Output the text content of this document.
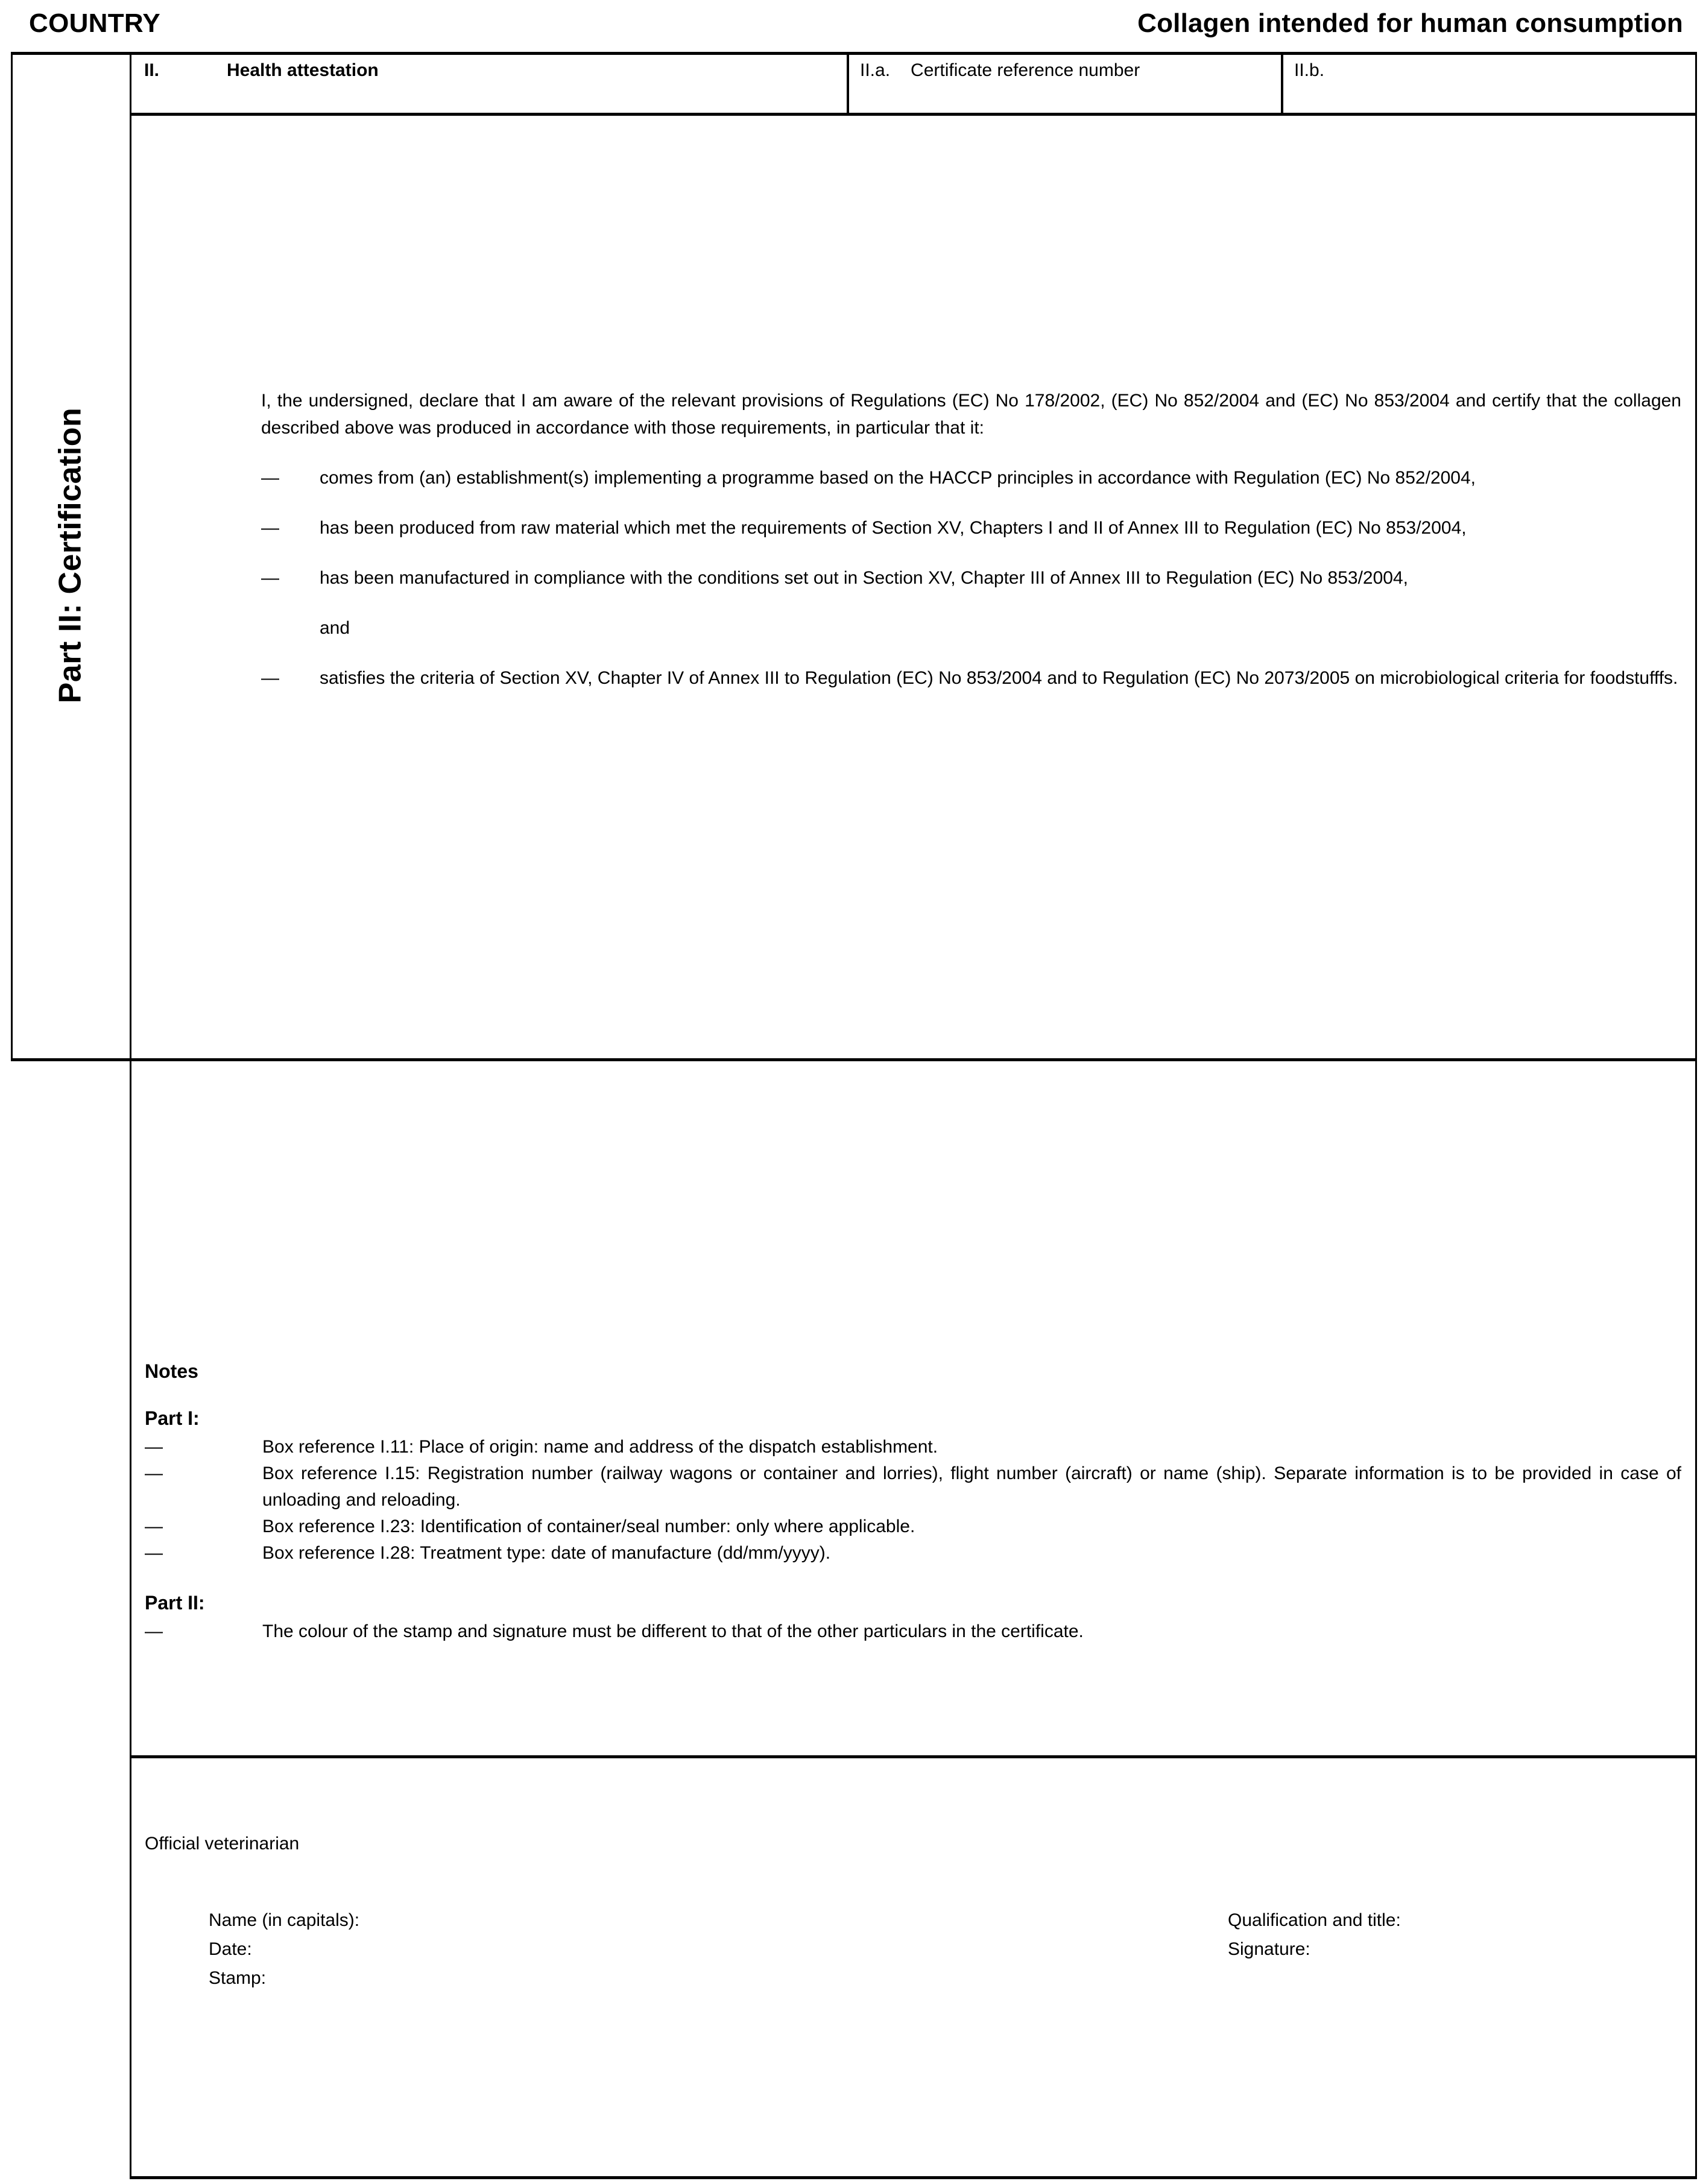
COUNTRY	Collagen intended for human consumption
Part II: Certification
II.	Health attestation	II.a. Certificate reference number	II.b.

I, the undersigned, declare that I am aware of the relevant provisions of Regulations (EC) No 178/2002, (EC) No 852/2004 and (EC) No 853/2004 and certify that the collagen described above was produced in accordance with those requirements, in particular that it:

— comes from (an) establishment(s) implementing a programme based on the HACCP principles in accordance with Regulation (EC) No 852/2004,

— has been produced from raw material which met the requirements of Section XV, Chapters I and II of Annex III to Regulation (EC) No 853/2004,

— has been manufactured in compliance with the conditions set out in Section XV, Chapter III of Annex III to Regulation (EC) No 853/2004,

and

— satisfies the criteria of Section XV, Chapter IV of Annex III to Regulation (EC) No 853/2004 and to Regulation (EC) No 2073/2005 on microbiological criteria for foodstufffs.

Notes
Part I:

—	Box reference I.11: Place of origin: name and address of the dispatch establishment.

—	Box reference I.15: Registration number (railway wagons or container and lorries), flight number (aircraft) or name (ship). Separate information is to be provided in case of unloading and reloading.

—	Box reference I.23: Identification of container/seal number: only where applicable.

—	Box reference I.28: Treatment type: date of manufacture (dd/mm/yyyy).

Part II:

—	The colour of the stamp and signature must be different to that of the other particulars in the certificate.

Official veterinarian
Name (in capitals):	Qualification and title:
Date:	Signature:
Stamp:
